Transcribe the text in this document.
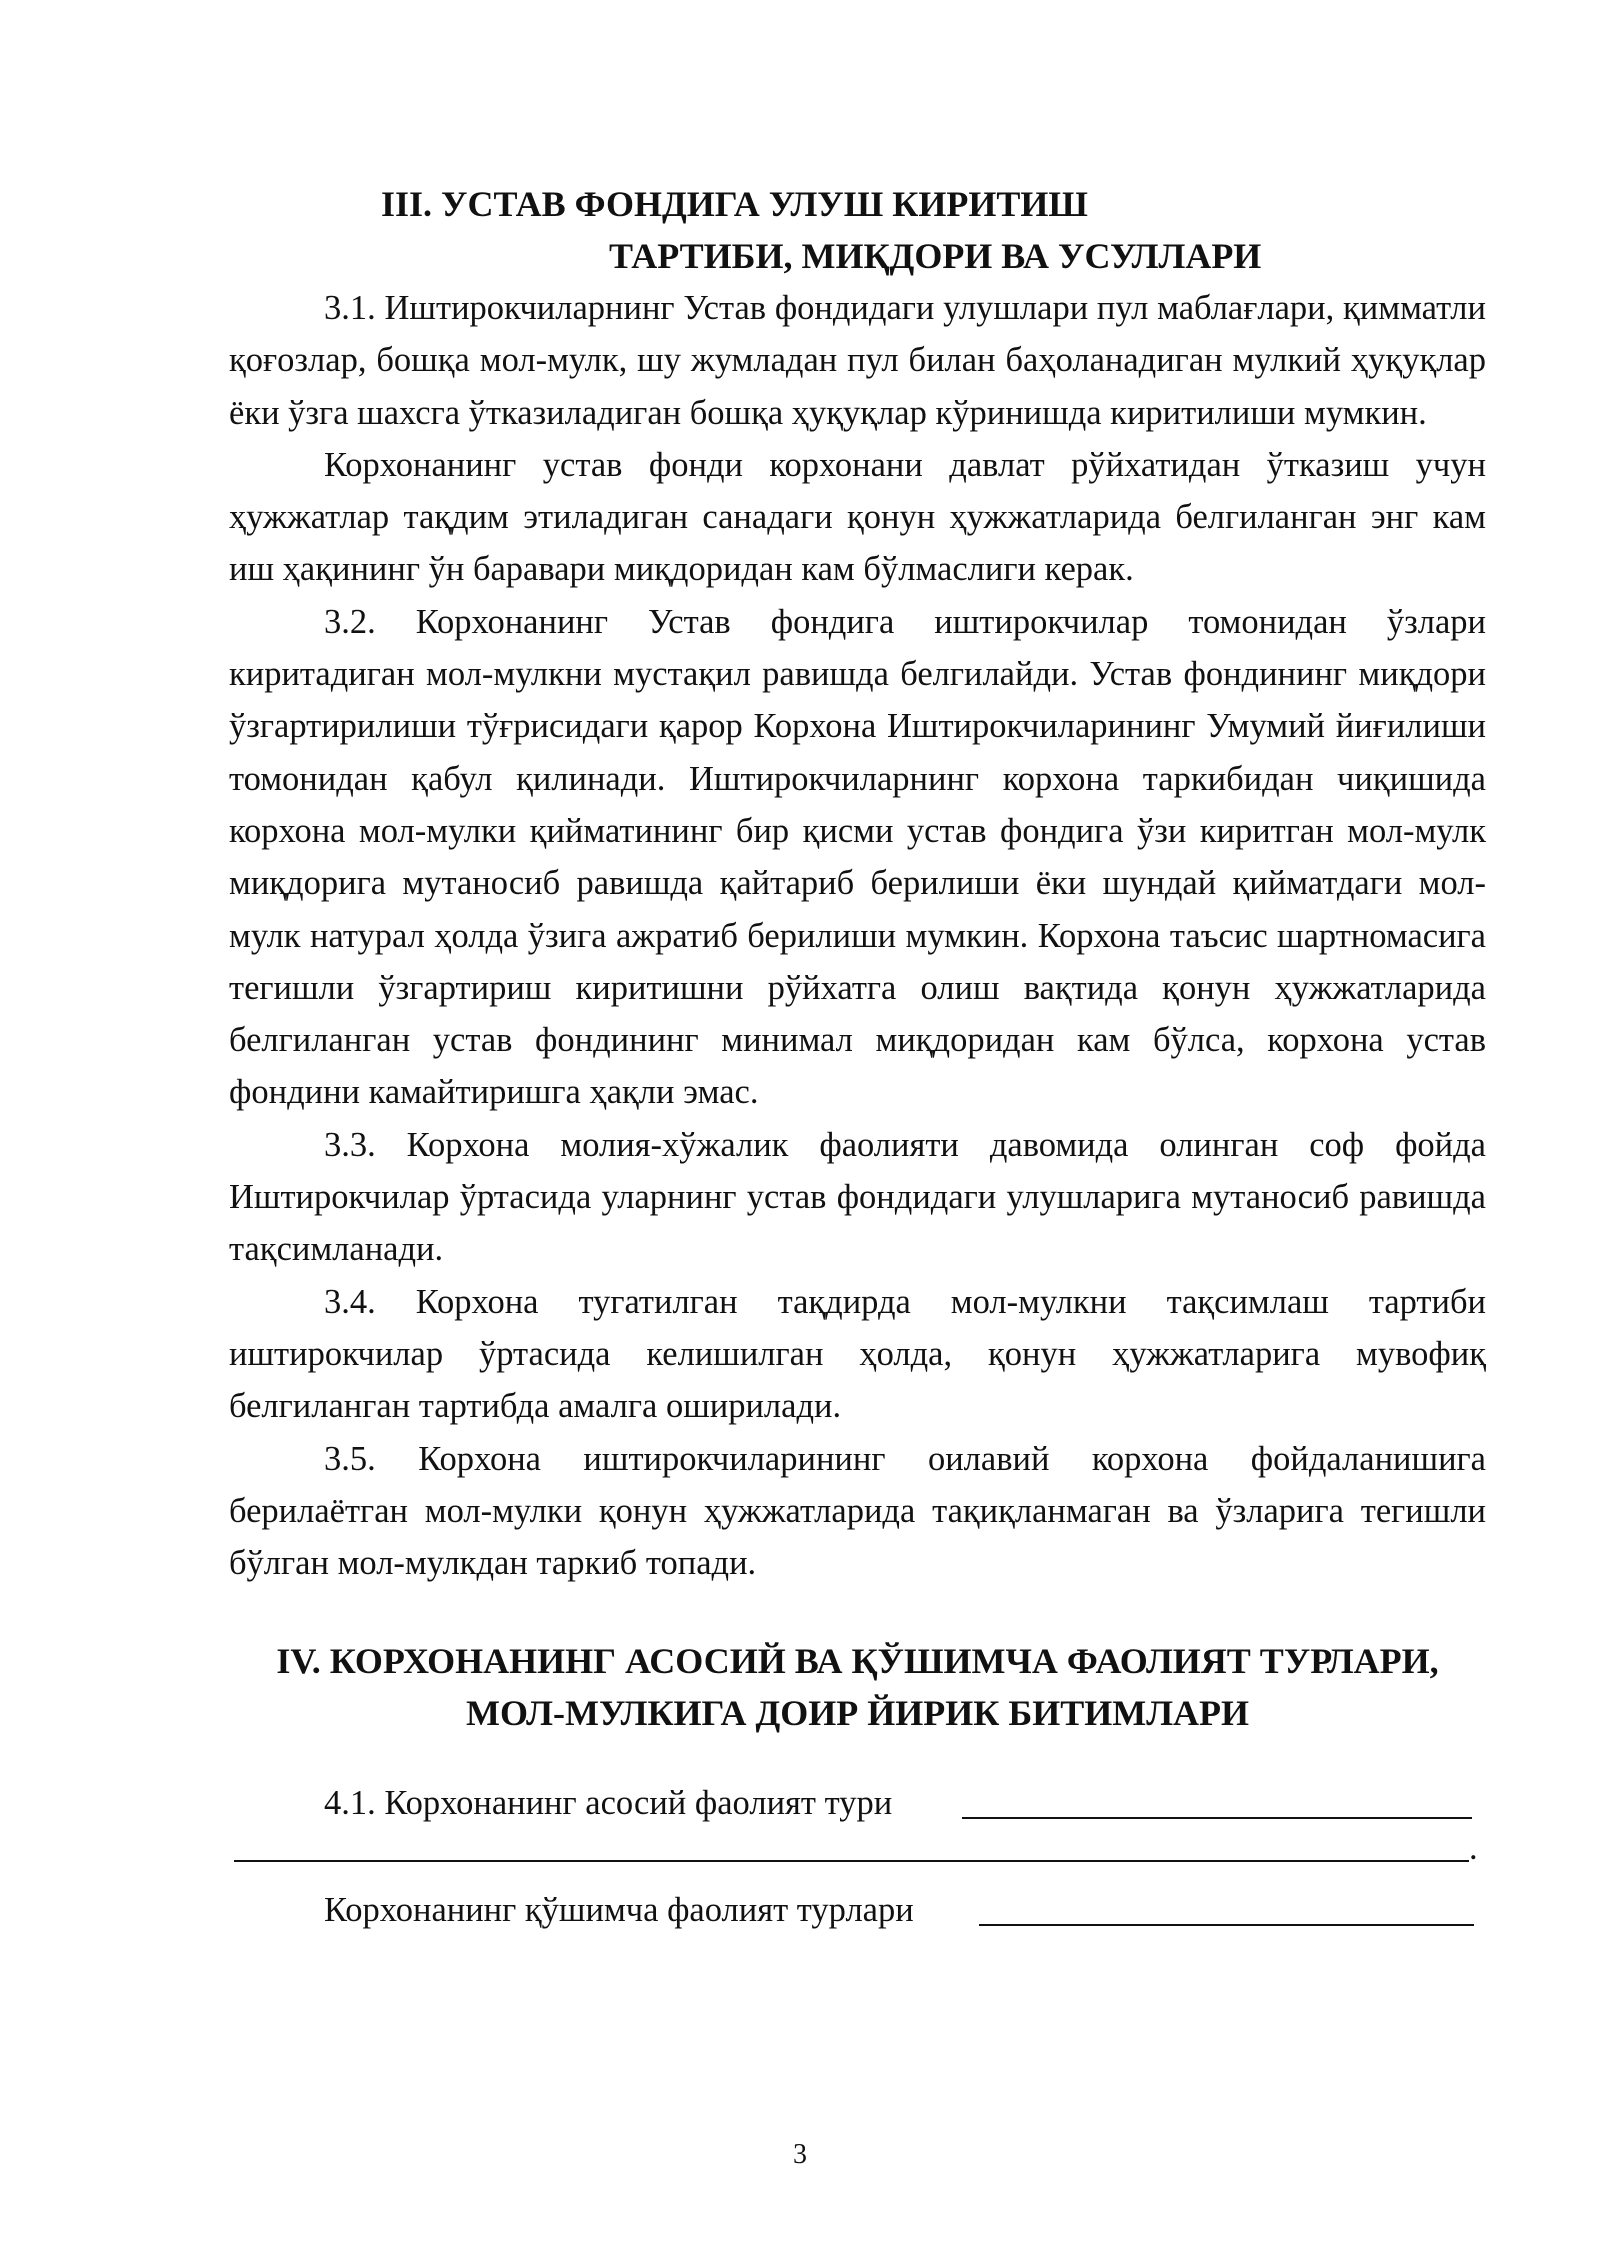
III. УСТАВ ФОНДИГА УЛУШ КИРИТИШ

ТАРТИБИ, МИҚДОРИ ВА УСУЛЛАРИ

3.1. Иштирокчиларнинг Устав фондидаги улушлари пул маблағлари, қимматли қоғозлар, бошқа мол-мулк, шу жумладан пул билан баҳоланадиган мулкий ҳуқуқлар ёки ўзга шахсга ўтказиладиган бошқа ҳуқуқлар кўринишда киритилиши мумкин.

Корхонанинг устав фонди корхонани давлат рўйхатидан ўтказиш учун ҳужжатлар тақдим этиладиган санадаги қонун ҳужжатларида белгиланган энг кам иш ҳақининг ўн баравари миқдоридан кам бўлмаслиги керак.

3.2. Корхонанинг Устав фондига иштирокчилар томонидан ўзлари киритадиган мол-мулкни мустақил равишда белгилайди. Устав фондининг миқдори ўзгартирилиши тўғрисидаги қарор Корхона Иштирокчиларининг Умумий йиғилиши томонидан қабул қилинади. Иштирокчиларнинг корхона таркибидан чиқишида корхона мол-мулки қийматининг бир қисми устав фондига ўзи киритган мол-мулк миқдорига мутаносиб равишда қайтариб берилиши ёки шундай қийматдаги мол-мулк натурал ҳолда ўзига ажратиб берилиши мумкин. Корхона таъсис шартномасига тегишли ўзгартириш киритишни рўйхатга олиш вақтида қонун ҳужжатларида белгиланган устав фондининг минимал миқдоридан кам бўлса, корхона устав фондини камайтиришга ҳақли эмас.

3.3. Корхона молия-хўжалик фаолияти давомида олинган соф фойда Иштирокчилар ўртасида уларнинг устав фондидаги улушларига мутаносиб равишда тақсимланади.

3.4. Корхона тугатилган тақдирда мол-мулкни тақсимлаш тартиби иштирокчилар ўртасида келишилган ҳолда, қонун ҳужжатларига мувофиқ белгиланган тартибда амалга оширилади.

3.5. Корхона иштирокчиларининг оилавий корхона фойдаланишига берилаётган мол-мулки қонун ҳужжатларида тақиқланмаган ва ўзларига тегишли бўлган мол-мулкдан таркиб топади.

IV. КОРХОНАНИНГ АСОСИЙ ВА ҚЎШИМЧА ФАОЛИЯТ ТУРЛАРИ,

МОЛ-МУЛКИГА ДОИР ЙИРИК БИТИМЛАРИ

4.1. Корхонанинг асосий фаолият тури
.
Корхонанинг қўшимча фаолият турлари
3
